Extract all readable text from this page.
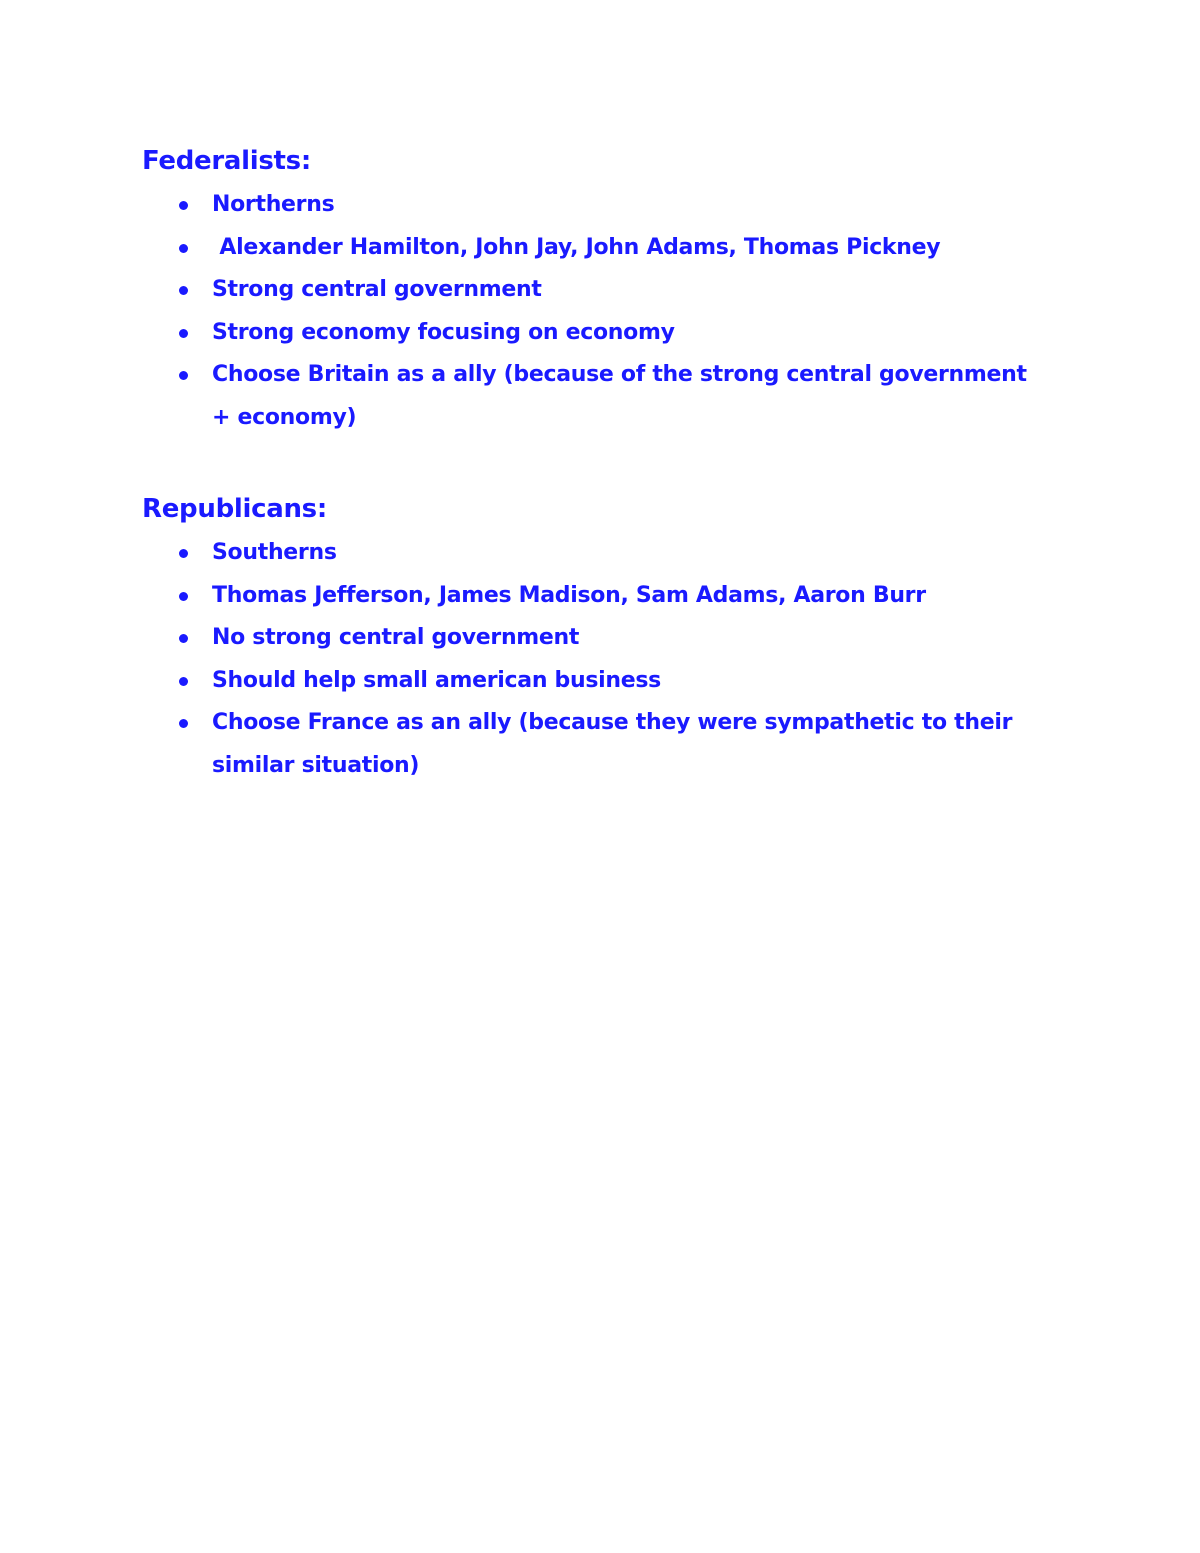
Federalists:
Northerns
Alexander Hamilton, John Jay, John Adams, Thomas Pickney
Strong central government
Strong economy focusing on economy
Choose Britain as a ally (because of the strong central government + economy)
Republicans:
Southerns
Thomas Jefferson, James Madison, Sam Adams, Aaron Burr
No strong central government
Should help small american business
Choose France as an ally (because they were sympathetic to their similar situation)
